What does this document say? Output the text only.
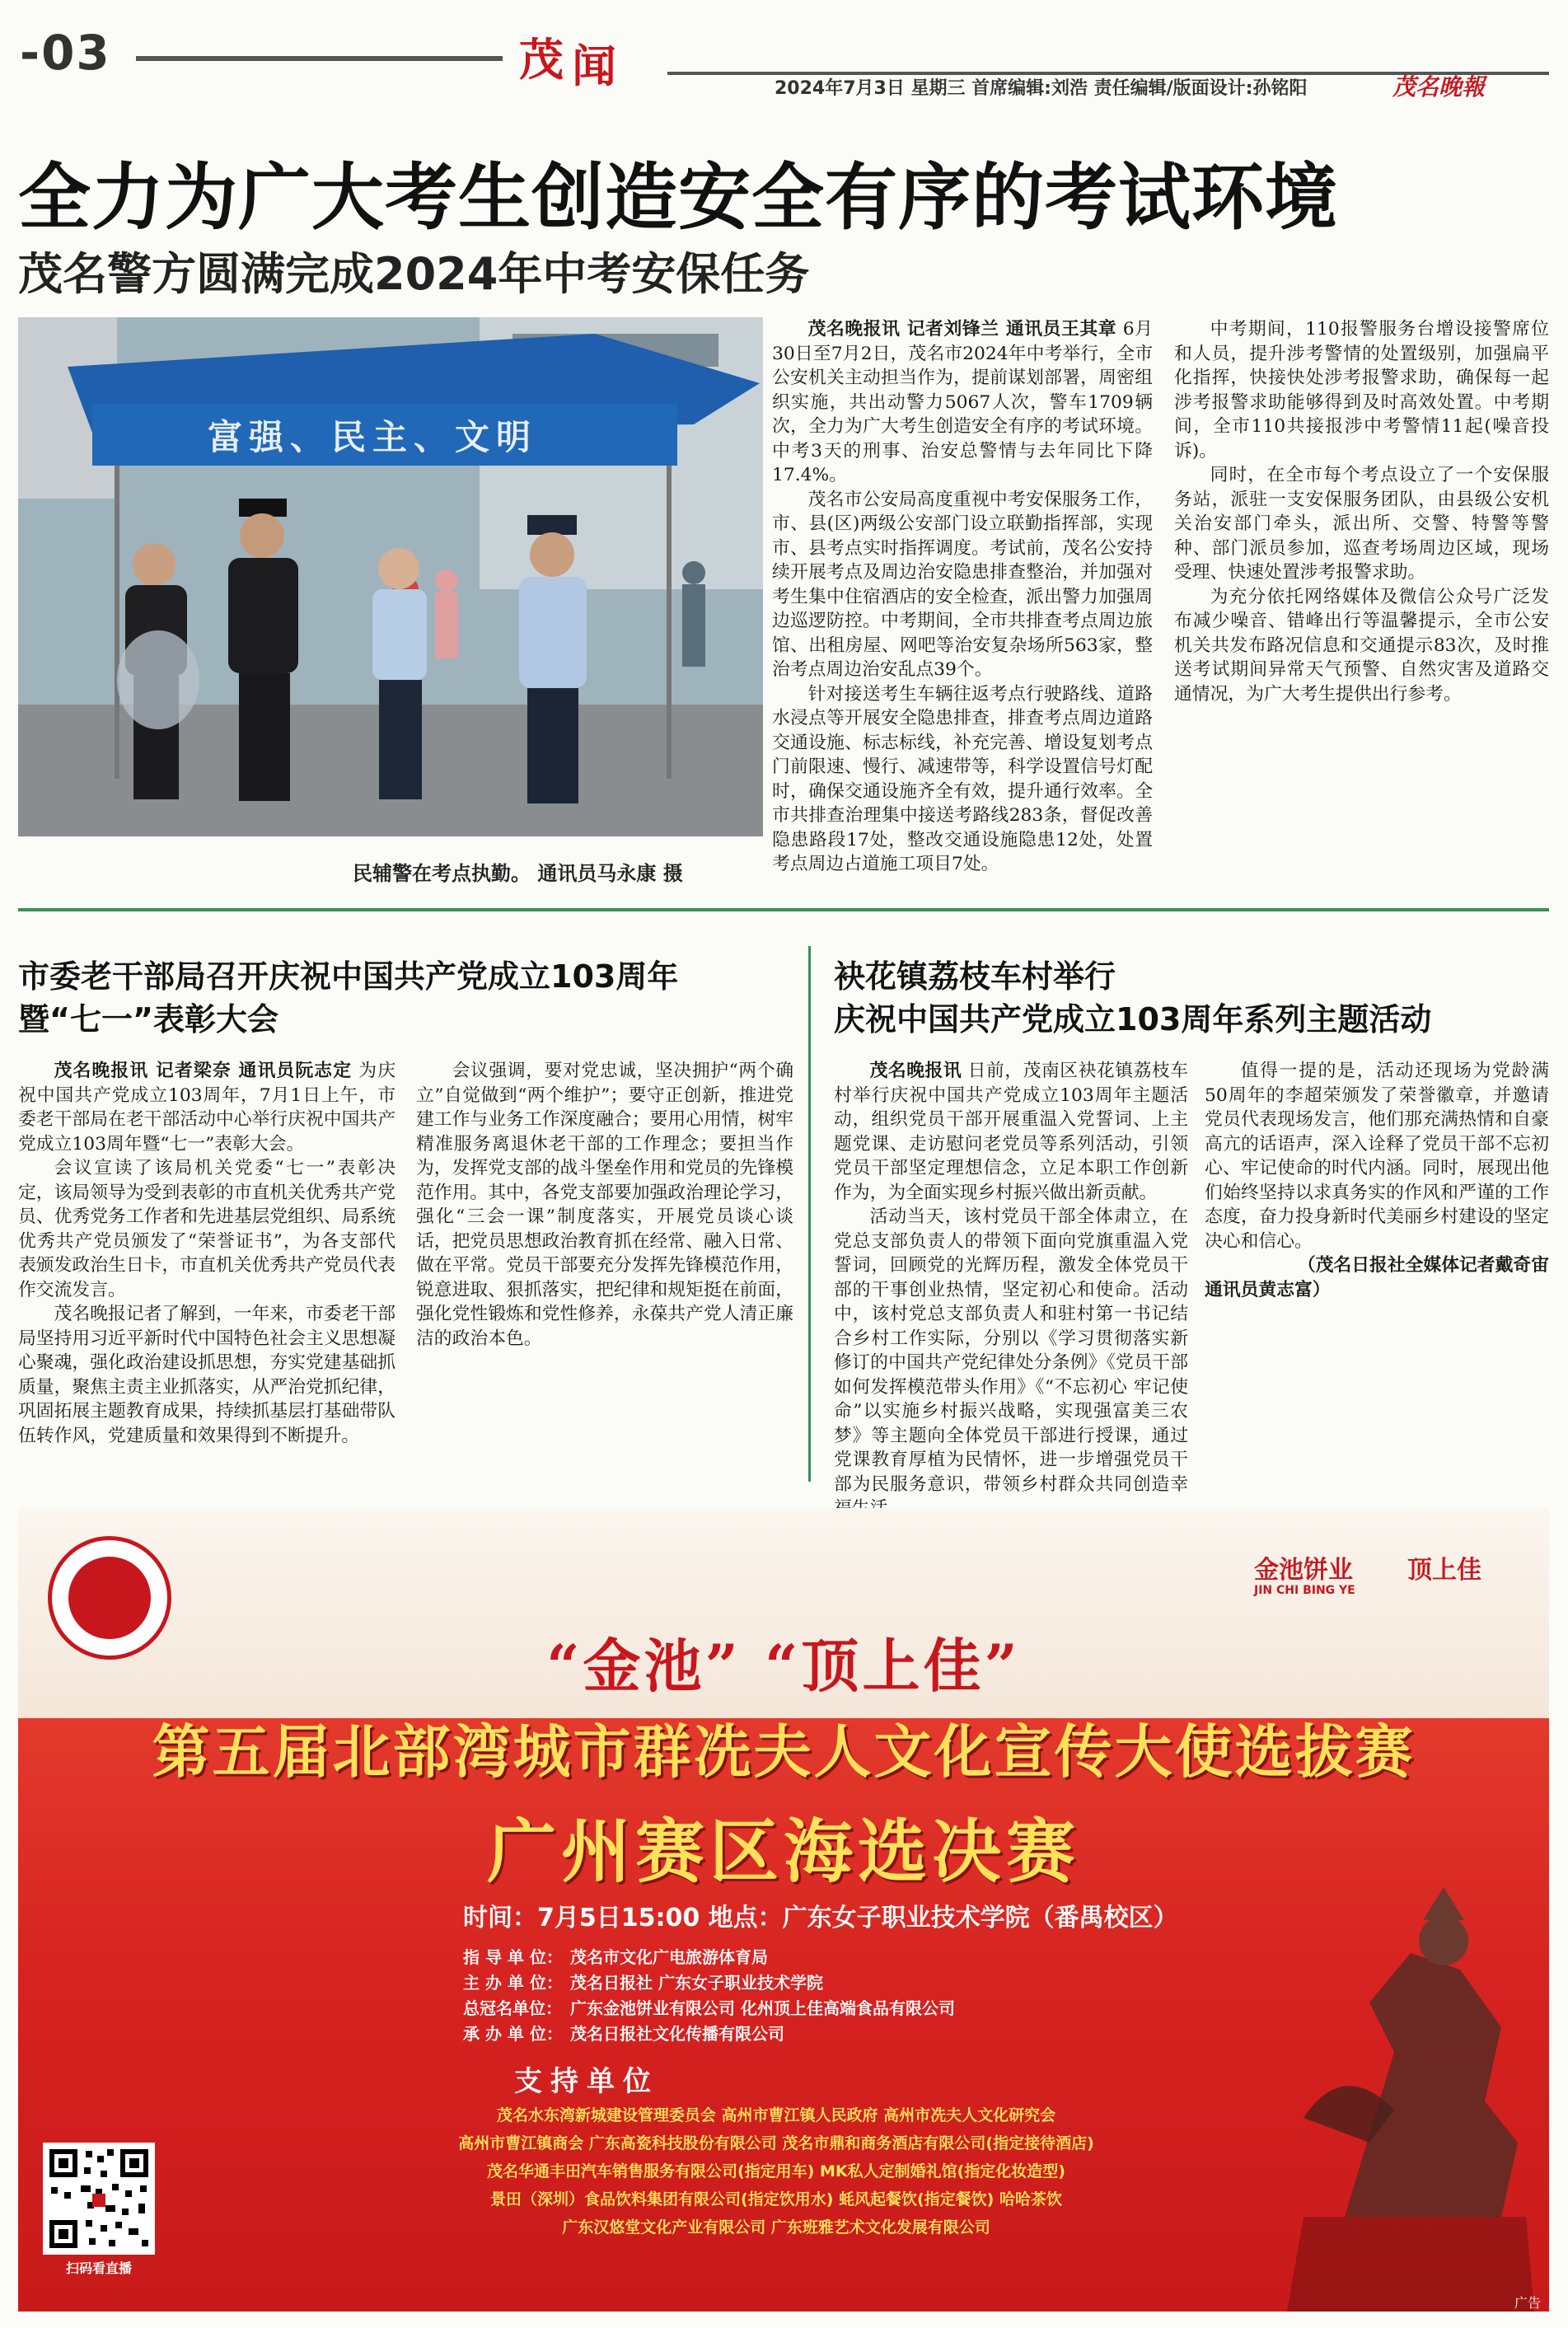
-03	茂 闻	2024年7月3日 星期三 首席编辑:刘浩 责任编辑/版面设计:孙铭阳	茂名晚報
全力为广大考生创造安全有序的考试环境
茂名警方圆满完成2024年中考安保任务
富强、民主、文明
民辅警在考点执勤。 通讯员马永康 摄

茂名晚报讯 记者刘锋兰 通讯员王其章 6月30日至7月2日，茂名市2024年中考举行，全市公安机关主动担当作为，提前谋划部署，周密组织实施，共出动警力5067人次，警车1709辆次，全力为广大考生创造安全有序的考试环境。中考3天的刑事、治安总警情与去年同比下降17.4%。

茂名市公安局高度重视中考安保服务工作，市、县(区)两级公安部门设立联勤指挥部，实现市、县考点实时指挥调度。考试前，茂名公安持续开展考点及周边治安隐患排查整治，并加强对考生集中住宿酒店的安全检查，派出警力加强周边巡逻防控。中考期间，全市共排查考点周边旅馆、出租房屋、网吧等治安复杂场所563家，整治考点周边治安乱点39个。

针对接送考生车辆往返考点行驶路线、道路水浸点等开展安全隐患排查，排查考点周边道路交通设施、标志标线，补充完善、增设复划考点门前限速、慢行、减速带等，科学设置信号灯配时，确保交通设施齐全有效，提升通行效率。全市共排查治理集中接送考路线283条，督促改善隐患路段17处，整改交通设施隐患12处，处置考点周边占道施工项目7处。

中考期间，110报警服务台增设接警席位和人员，提升涉考警情的处置级别，加强扁平化指挥，快接快处涉考报警求助，确保每一起涉考报警求助能够得到及时高效处置。中考期间，全市110共接报涉中考警情11起(噪音投诉)。

同时，在全市每个考点设立了一个安保服务站，派驻一支安保服务团队，由县级公安机关治安部门牵头，派出所、交警、特警等警种、部门派员参加，巡查考场周边区域，现场受理、快速处置涉考报警求助。

为充分依托网络媒体及微信公众号广泛发布减少噪音、错峰出行等温馨提示，全市公安机关共发布路况信息和交通提示83次，及时推送考试期间异常天气预警、自然灾害及道路交通情况，为广大考生提供出行参考。

市委老干部局召开庆祝中国共产党成立103周年
暨“七一”表彰大会

茂名晚报讯 记者梁奈 通讯员阮志定 为庆祝中国共产党成立103周年，7月1日上午，市委老干部局在老干部活动中心举行庆祝中国共产党成立103周年暨“七一”表彰大会。

会议宣读了该局机关党委“七一”表彰决定，该局领导为受到表彰的市直机关优秀共产党员、优秀党务工作者和先进基层党组织、局系统优秀共产党员颁发了“荣誉证书”，为各支部代表颁发政治生日卡，市直机关优秀共产党员代表作交流发言。

茂名晚报记者了解到，一年来，市委老干部局坚持用习近平新时代中国特色社会主义思想凝心聚魂，强化政治建设抓思想，夯实党建基础抓质量，聚焦主责主业抓落实，从严治党抓纪律，巩固拓展主题教育成果，持续抓基层打基础带队伍转作风，党建质量和效果得到不断提升。

会议强调，要对党忠诚，坚决拥护“两个确立”自觉做到“两个维护”；要守正创新，推进党建工作与业务工作深度融合；要用心用情，树牢精准服务离退休老干部的工作理念；要担当作为，发挥党支部的战斗堡垒作用和党员的先锋模范作用。其中，各党支部要加强政治理论学习，强化“三会一课”制度落实，开展党员谈心谈话，把党员思想政治教育抓在经常、融入日常、做在平常。党员干部要充分发挥先锋模范作用，锐意进取、狠抓落实，把纪律和规矩挺在前面，强化党性锻炼和党性修养，永葆共产党人清正廉洁的政治本色。

袂花镇荔枝车村举行
庆祝中国共产党成立103周年系列主题活动

茂名晚报讯 日前，茂南区袂花镇荔枝车村举行庆祝中国共产党成立103周年主题活动，组织党员干部开展重温入党誓词、上主题党课、走访慰问老党员等系列活动，引领党员干部坚定理想信念，立足本职工作创新作为，为全面实现乡村振兴做出新贡献。

活动当天，该村党员干部全体肃立，在党总支部负责人的带领下面向党旗重温入党誓词，回顾党的光辉历程，激发全体党员干部的干事创业热情，坚定初心和使命。活动中，该村党总支部负责人和驻村第一书记结合乡村工作实际，分别以《学习贯彻落实新修订的中国共产党纪律处分条例》《党员干部如何发挥模范带头作用》《“不忘初心 牢记使命”以实施乡村振兴战略，实现强富美三农梦》等主题向全体党员干部进行授课，通过党课教育厚植为民情怀，进一步增强党员干部为民服务意识，带领乡村群众共同创造幸

值得一提的是，活动还现场为党龄满50周年的李超荣颁发了荣誉徽章，并邀请党员代表现场发言，他们那充满热情和自豪高亢的话语声，深入诠释了党员干部不忘初心、牢记使命的时代内涵。同时，展现出他们始终坚持以求真务实的作风和严谨的工作态度，奋力投身新时代美丽乡村建设的坚定决心和信心。

（茂名日报社全媒体记者戴奇宙

通讯员黄志富）

金池饼业 顶上佳
JIN CHI BING YE
“金池” “顶上佳”
第五届北部湾城市群冼夫人文化宣传大使选拔赛
广州赛区海选决赛
时间：7月5日15:00 地点：广东女子职业技术学院（番禺校区）
指 导 单 位： 茂名市文化广电旅游体育局
主 办 单 位： 茂名日报社 广东女子职业技术学院
总冠名单位： 广东金池饼业有限公司 化州顶上佳高端食品有限公司
承 办 单 位： 茂名日报社文化传播有限公司
支持单位
茂名水东湾新城建设管理委员会 高州市曹江镇人民政府 高州市冼夫人文化研究会
高州市曹江镇商会 广东高瓷科技股份有限公司 茂名市鼎和商务酒店有限公司(指定接待酒店)
茂名华通丰田汽车销售服务有限公司(指定用车) MK私人定制婚礼馆(指定化妆造型)
景田（深圳）食品饮料集团有限公司(指定饮用水) 蚝风起餐饮(指定餐饮) 哈哈茶饮
广东汉悠堂文化产业有限公司 广东班雅艺术文化发展有限公司
扫码看直播
广告
